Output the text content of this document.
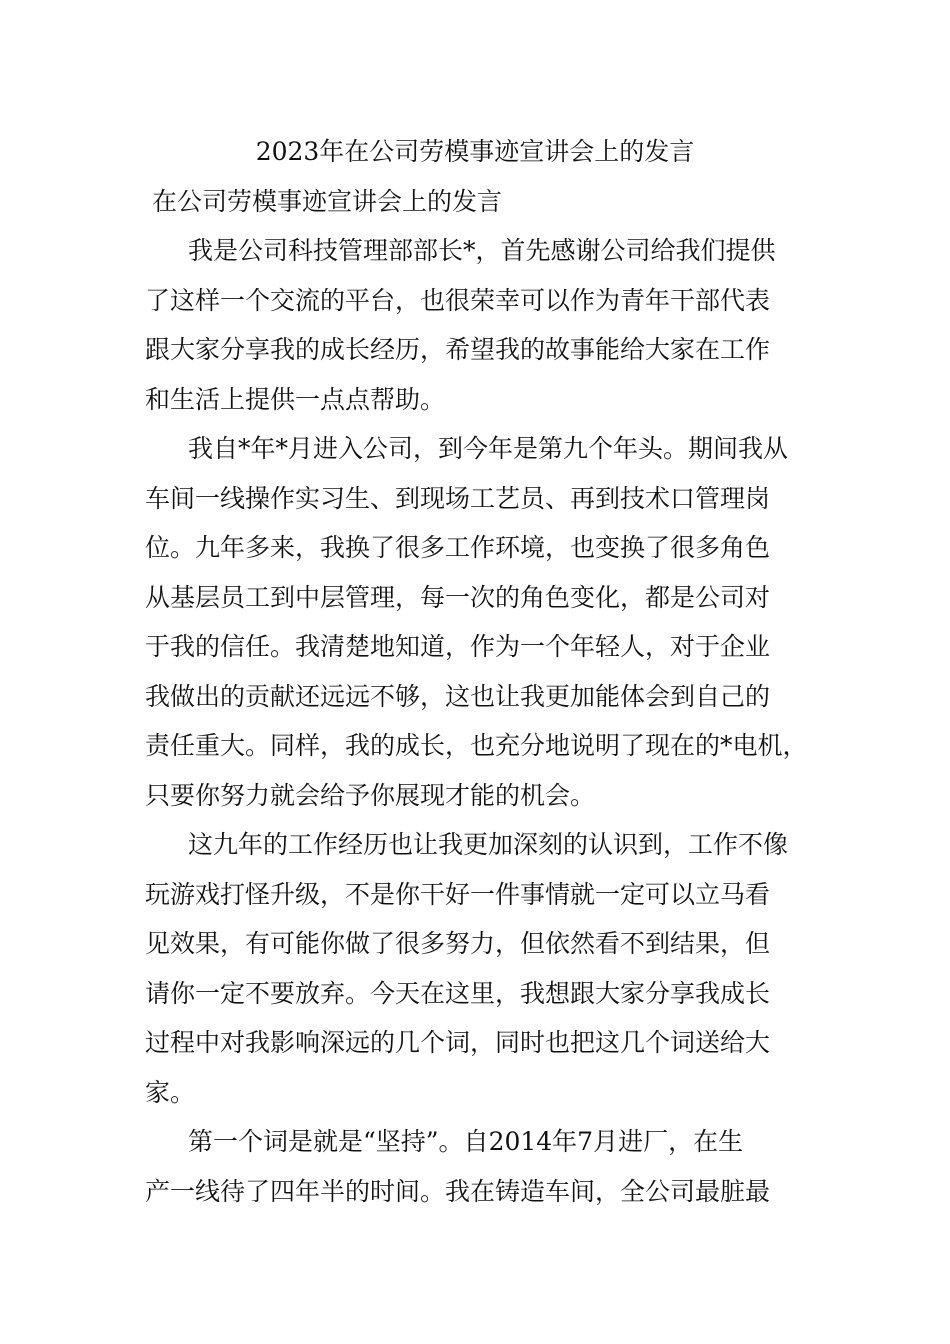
2023年在公司劳模事迹宣讲会上的发言
在公司劳模事迹宣讲会上的发言
我是公司科技管理部部长*，首先感谢公司给我们提供
了这样一个交流的平台，也很荣幸可以作为青年干部代表
跟大家分享我的成长经历，希望我的故事能给大家在工作
和生活上提供一点点帮助。
我自*年*月进入公司，到今年是第九个年头。期间我从
车间一线操作实习生、到现场工艺员、再到技术口管理岗
位。九年多来，我换了很多工作环境，也变换了很多角色
从基层员工到中层管理，每一次的角色变化，都是公司对
于我的信任。我清楚地知道，作为一个年轻人，对于企业
我做出的贡献还远远不够，这也让我更加能体会到自己的
责任重大。同样，我的成长，也充分地说明了现在的*电机，
只要你努力就会给予你展现才能的机会。
这九年的工作经历也让我更加深刻的认识到，工作不像
玩游戏打怪升级，不是你干好一件事情就一定可以立马看
见效果，有可能你做了很多努力，但依然看不到结果，但
请你一定不要放弃。今天在这里，我想跟大家分享我成长
过程中对我影响深远的几个词，同时也把这几个词送给大
家。
第一个词是就是“坚持”。自2014年7月进厂，在生
产一线待了四年半的时间。我在铸造车间，全公司最脏最
